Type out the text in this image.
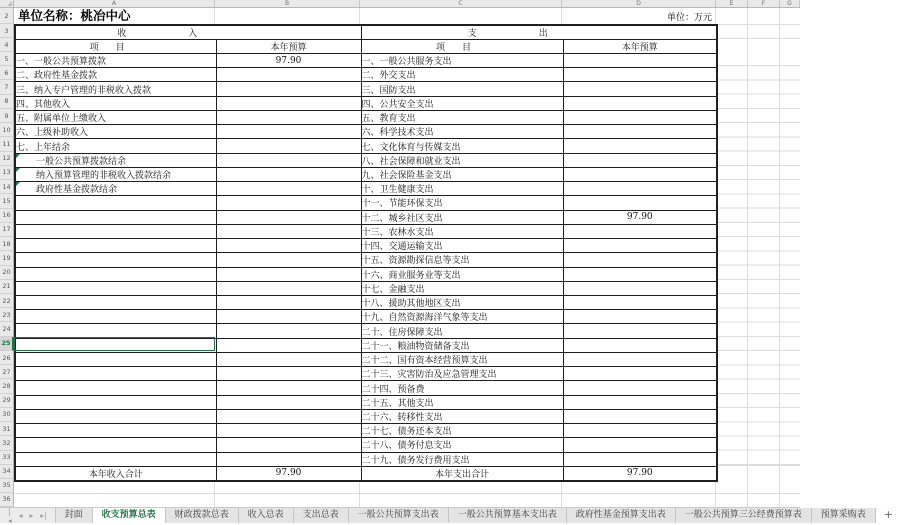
单位名称：桃冶中心	单位：万元
收入		支出	
项目	本年预算	项目	本年预算
一、一般公共预算拨款	97.90	一、一般公共服务支出	
二、政府性基金拨款		二、外交支出	
三、纳入专户管理的非税收入拨款		三、国防支出	
四、其他收入		四、公共安全支出	
五、附属单位上缴收入		五、教育支出	
六、上级补助收入		六、科学技术支出	
七、上年结余		七、文化体育与传媒支出	

一般公共预算拨款结余		八、社会保障和就业支出	

纳入预算管理的非税收入拨款结余		九、社会保险基金支出	

政府性基金拨款结余		十、卫生健康支出	
		十一、节能环保支出	
		十二、城乡社区支出	97.90
		十三、农林水支出	
		十四、交通运输支出	
		十五、资源勘探信息等支出	
		十六、商业服务业等支出	
		十七、金融支出	
		十八、援助其他地区支出	
		十九、自然资源海洋气象等支出	
		二十、住房保障支出	
		二十一、粮油物资储备支出	
		二十二、国有资本经营预算支出	
		二十三、灾害防治及应急管理支出	
		二十四、预备费	
		二十五、其他支出	
		二十六、转移性支出	
		二十七、债务还本支出	
		二十八、债务付息支出	
		二十九、债务发行费用支出	
本年收入合计	97.90	本年支出合计	97.90
A	B	C	D	E	F	G
2
3
4
5
6
7
8
9
10
11
12
13
14
15
16
17
18
19
20
21
22
23
24
25
26
27
28
29
30
31
32
33
34
35
36
|◂ ◂ ▸ ▸|	封面	收支预算总表	财政拨款总表	收入总表	支出总表	一般公共预算支出表	一般公共预算基本支出表	政府性基金预算支出表	一般公共预算三公经费预算表	预算采购表	+
